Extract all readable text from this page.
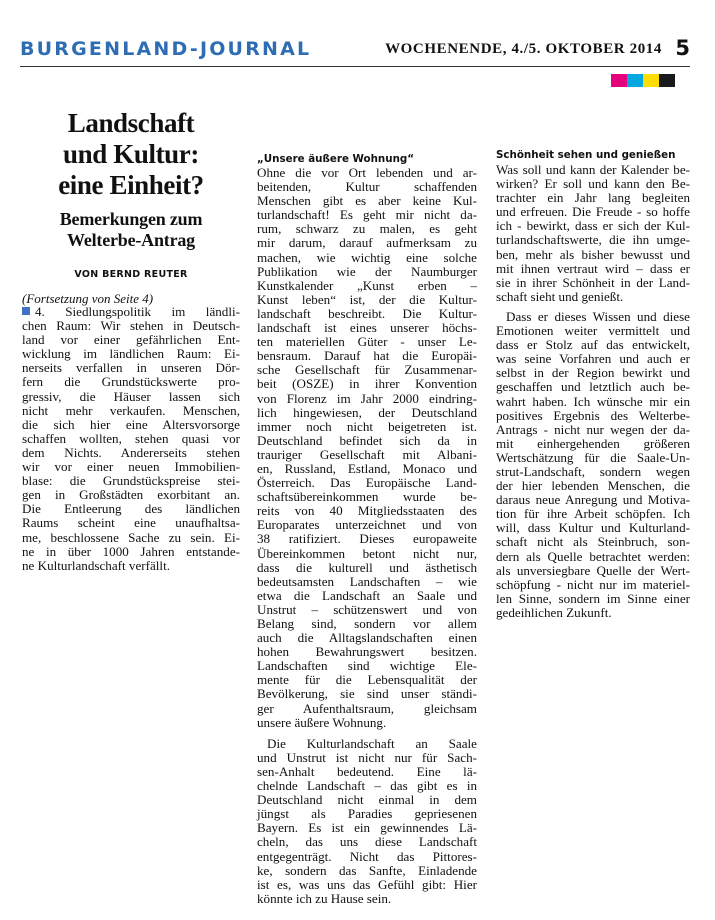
BURGENLAND-JOURNAL	WOCHENENDE, 4./5. OKTOBER 2014 5
Landschaft
und Kultur:
eine Einheit?
Bemerkungen zum
Welterbe-Antrag
VON BERND REUTER
(Fortsetzung von Seite 4)
4. Siedlungspolitik im ländli-
chen Raum: Wir stehen in Deutsch-
land vor einer gefährlichen Ent-
wicklung im ländlichen Raum: Ei-
nerseits verfallen in unseren Dör-
fern die Grundstückswerte pro-
gressiv, die Häuser lassen sich
nicht mehr verkaufen. Menschen,
die sich hier eine Altersvorsorge
schaffen wollten, stehen quasi vor
dem Nichts. Andererseits stehen
wir vor einer neuen Immobilien-
blase: die Grundstückspreise stei-
gen in Großstädten exorbitant an.
Die Entleerung des ländlichen
Raums scheint eine unaufhaltsa-
me, beschlossene Sache zu sein. Ei-
ne in über 1000 Jahren entstande-
ne Kulturlandschaft verfällt.
„Unsere äußere Wohnung“
Ohne die vor Ort lebenden und ar-
beitenden, Kultur schaffenden
Menschen gibt es aber keine Kul-
turlandschaft! Es geht mir nicht da-
rum, schwarz zu malen, es geht
mir darum, darauf aufmerksam zu
machen, wie wichtig eine solche
Publikation wie der Naumburger
Kunstkalender „Kunst erben –
Kunst leben“ ist, der die Kultur-
landschaft beschreibt. Die Kultur-
landschaft ist eines unserer höchs-
ten materiellen Güter - unser Le-
bensraum. Darauf hat die Europäi-
sche Gesellschaft für Zusammenar-
beit (OSZE) in ihrer Konvention
von Florenz im Jahr 2000 eindring-
lich hingewiesen, der Deutschland
immer noch nicht beigetreten ist.
Deutschland befindet sich da in
trauriger Gesellschaft mit Albani-
en, Russland, Estland, Monaco und
Österreich. Das Europäische Land-
schaftsübereinkommen wurde be-
reits von 40 Mitgliedsstaaten des
Europarates unterzeichnet und von
38 ratifiziert. Dieses europaweite
Übereinkommen betont nicht nur,
dass die kulturell und ästhetisch
bedeutsamsten Landschaften – wie
etwa die Landschaft an Saale und
Unstrut – schützenswert und von
Belang sind, sondern vor allem
auch die Alltagslandschaften einen
hohen Bewahrungswert besitzen.
Landschaften sind wichtige Ele-
mente für die Lebensqualität der
Bevölkerung, sie sind unser ständi-
ger Aufenthaltsraum, gleichsam
unsere äußere Wohnung.
Die Kulturlandschaft an Saale
und Unstrut ist nicht nur für Sach-
sen-Anhalt bedeutend. Eine lä-
chelnde Landschaft – das gibt es in
Deutschland nicht einmal in dem
jüngst als Paradies gepriesenen
Bayern. Es ist ein gewinnendes Lä-
cheln, das uns diese Landschaft
entgegenträgt. Nicht das Pittores-
ke, sondern das Sanfte, Einladende
ist es, was uns das Gefühl gibt: Hier
könnte ich zu Hause sein.
Schönheit sehen und genießen
Was soll und kann der Kalender be-
wirken? Er soll und kann den Be-
trachter ein Jahr lang begleiten
und erfreuen. Die Freude - so hoffe
ich - bewirkt, dass er sich der Kul-
turlandschaftswerte, die ihn umge-
ben, mehr als bisher bewusst und
mit ihnen vertraut wird – dass er
sie in ihrer Schönheit in der Land-
schaft sieht und genießt.
Dass er dieses Wissen und diese
Emotionen weiter vermittelt und
dass er Stolz auf das entwickelt,
was seine Vorfahren und auch er
selbst in der Region bewirkt und
geschaffen und letztlich auch be-
wahrt haben. Ich wünsche mir ein
positives Ergebnis des Welterbe-
Antrags - nicht nur wegen der da-
mit einhergehenden größeren
Wertschätzung für die Saale-Un-
strut-Landschaft, sondern wegen
der hier lebenden Menschen, die
daraus neue Anregung und Motiva-
tion für ihre Arbeit schöpfen. Ich
will, dass Kultur und Kulturland-
schaft nicht als Steinbruch, son-
dern als Quelle betrachtet werden:
als unversiegbare Quelle der Wert-
schöpfung - nicht nur im materiel-
len Sinne, sondern im Sinne einer
gedeihlichen Zukunft.
